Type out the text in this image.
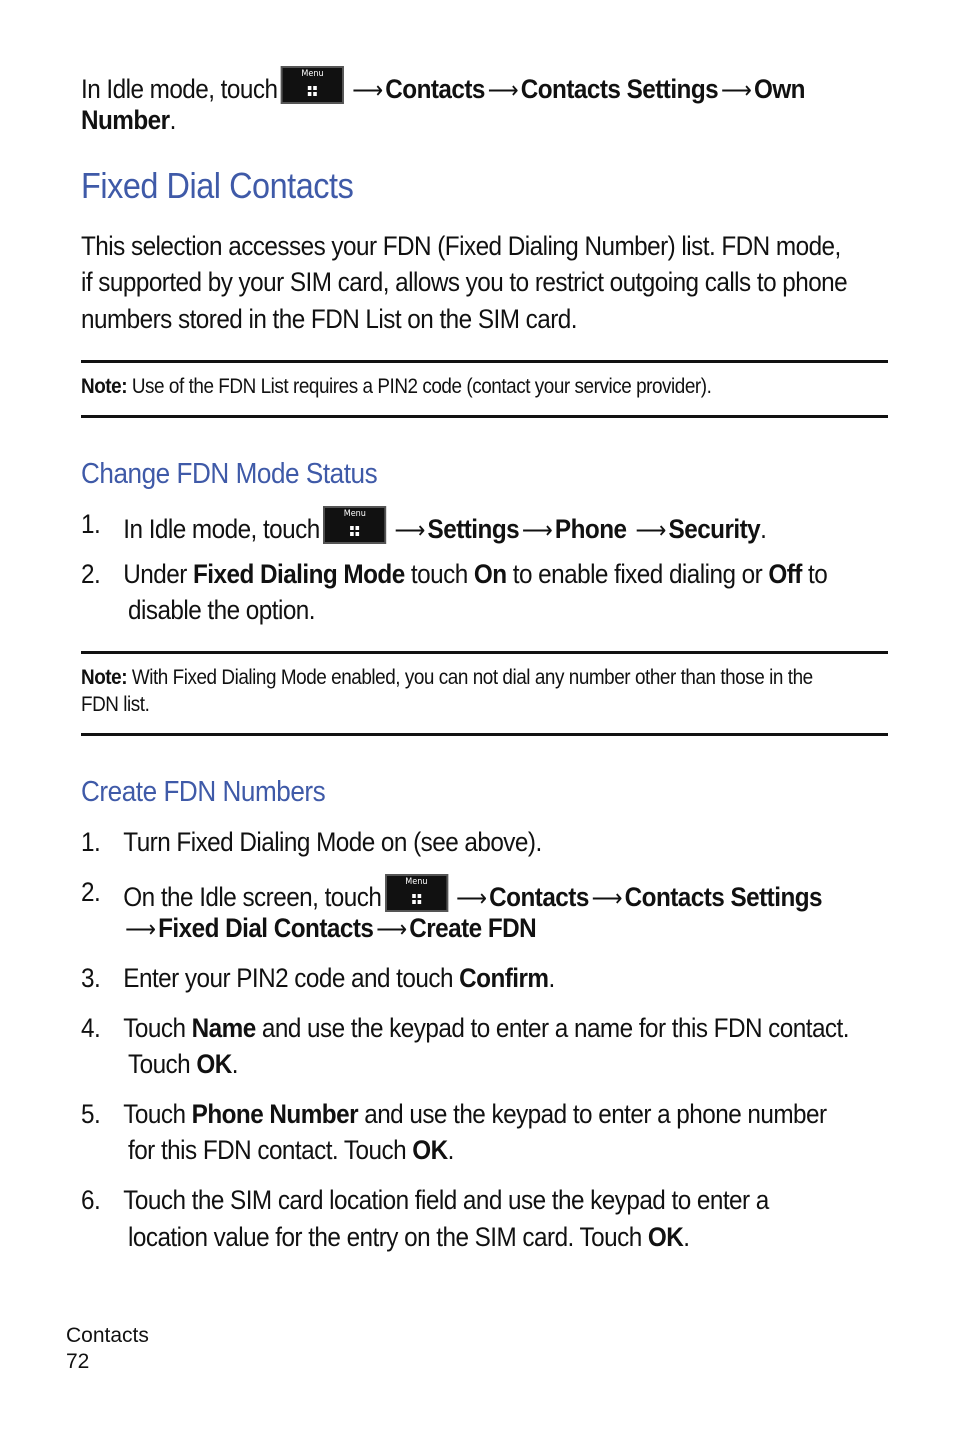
In Idle mode, touch	Menu
⟶ Contacts ⟶ Contacts Settings ⟶ Own
Number.
Fixed Dial Contacts
This selection accesses your FDN (Fixed Dialing Number) list. FDN mode,
if supported by your SIM card, allows you to restrict outgoing calls to phone
numbers stored in the FDN List on the SIM card.
Note: Use of the FDN List requires a PIN2 code (contact your service provider).
Change FDN Mode Status
1. In Idle mode, touch	Menu
⟶ Settings ⟶Phone ⟶ Security.
2. Under Fixed Dialing Mode touch On to enable fixed dialing or Off to
disable the option.
Note: With Fixed Dialing Mode enabled, you can not dial any number other than those in the
FDN list.
Create FDN Numbers
1. Turn Fixed Dialing Mode on (see above).
2. On the Idle screen, touch	Menu
⟶ Contacts ⟶ Contacts Settings
⟶ Fixed Dial Contacts ⟶ Create FDN
3. Enter your PIN2 code and touch Confirm.
4. Touch Name and use the keypad to enter a name for this FDN contact.
Touch OK.
5. Touch Phone Number and use the keypad to enter a phone number
for this FDN contact. Touch OK.
6. Touch the SIM card location field and use the keypad to enter a
location value for the entry on the SIM card. Touch OK.
Contacts
72
